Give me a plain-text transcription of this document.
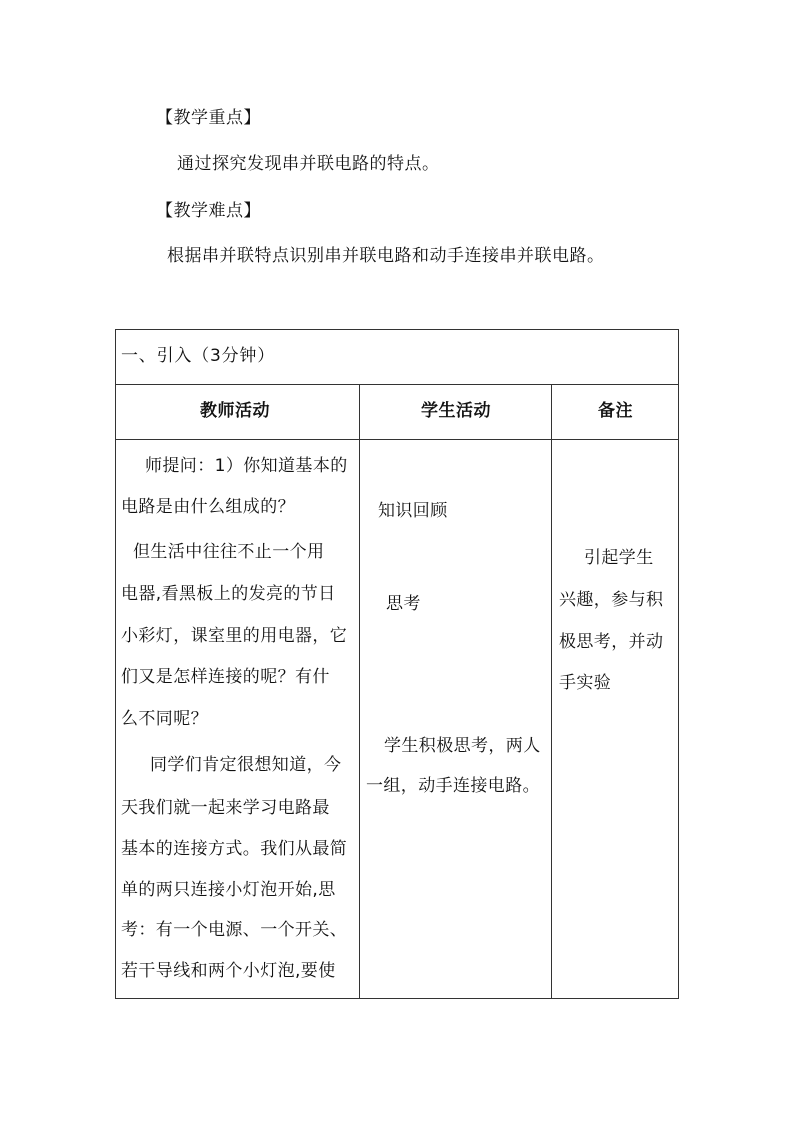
【教学重点】
通过探究发现串并联电路的特点。
【教学难点】
根据串并联特点识别串并联电路和动手连接串并联电路。
一、引入（3分钟）
教师活动	学生活动	备注
师提问：1）你知道基本的
电路是由什么组成的？
但生活中往往不止一个用
电器,看黑板上的发亮的节日
小彩灯，课室里的用电器，它
们又是怎样连接的呢？有什
么不同呢？
同学们肯定很想知道，今
天我们就一起来学习电路最
基本的连接方式。我们从最简
单的两只连接小灯泡开始,思
考：有一个电源、一个开关、
若干导线和两个小灯泡,要使
知识回顾
思考
学生积极思考，两人
一组，动手连接电路。
引起学生
兴趣，参与积
极思考，并动
手实验
